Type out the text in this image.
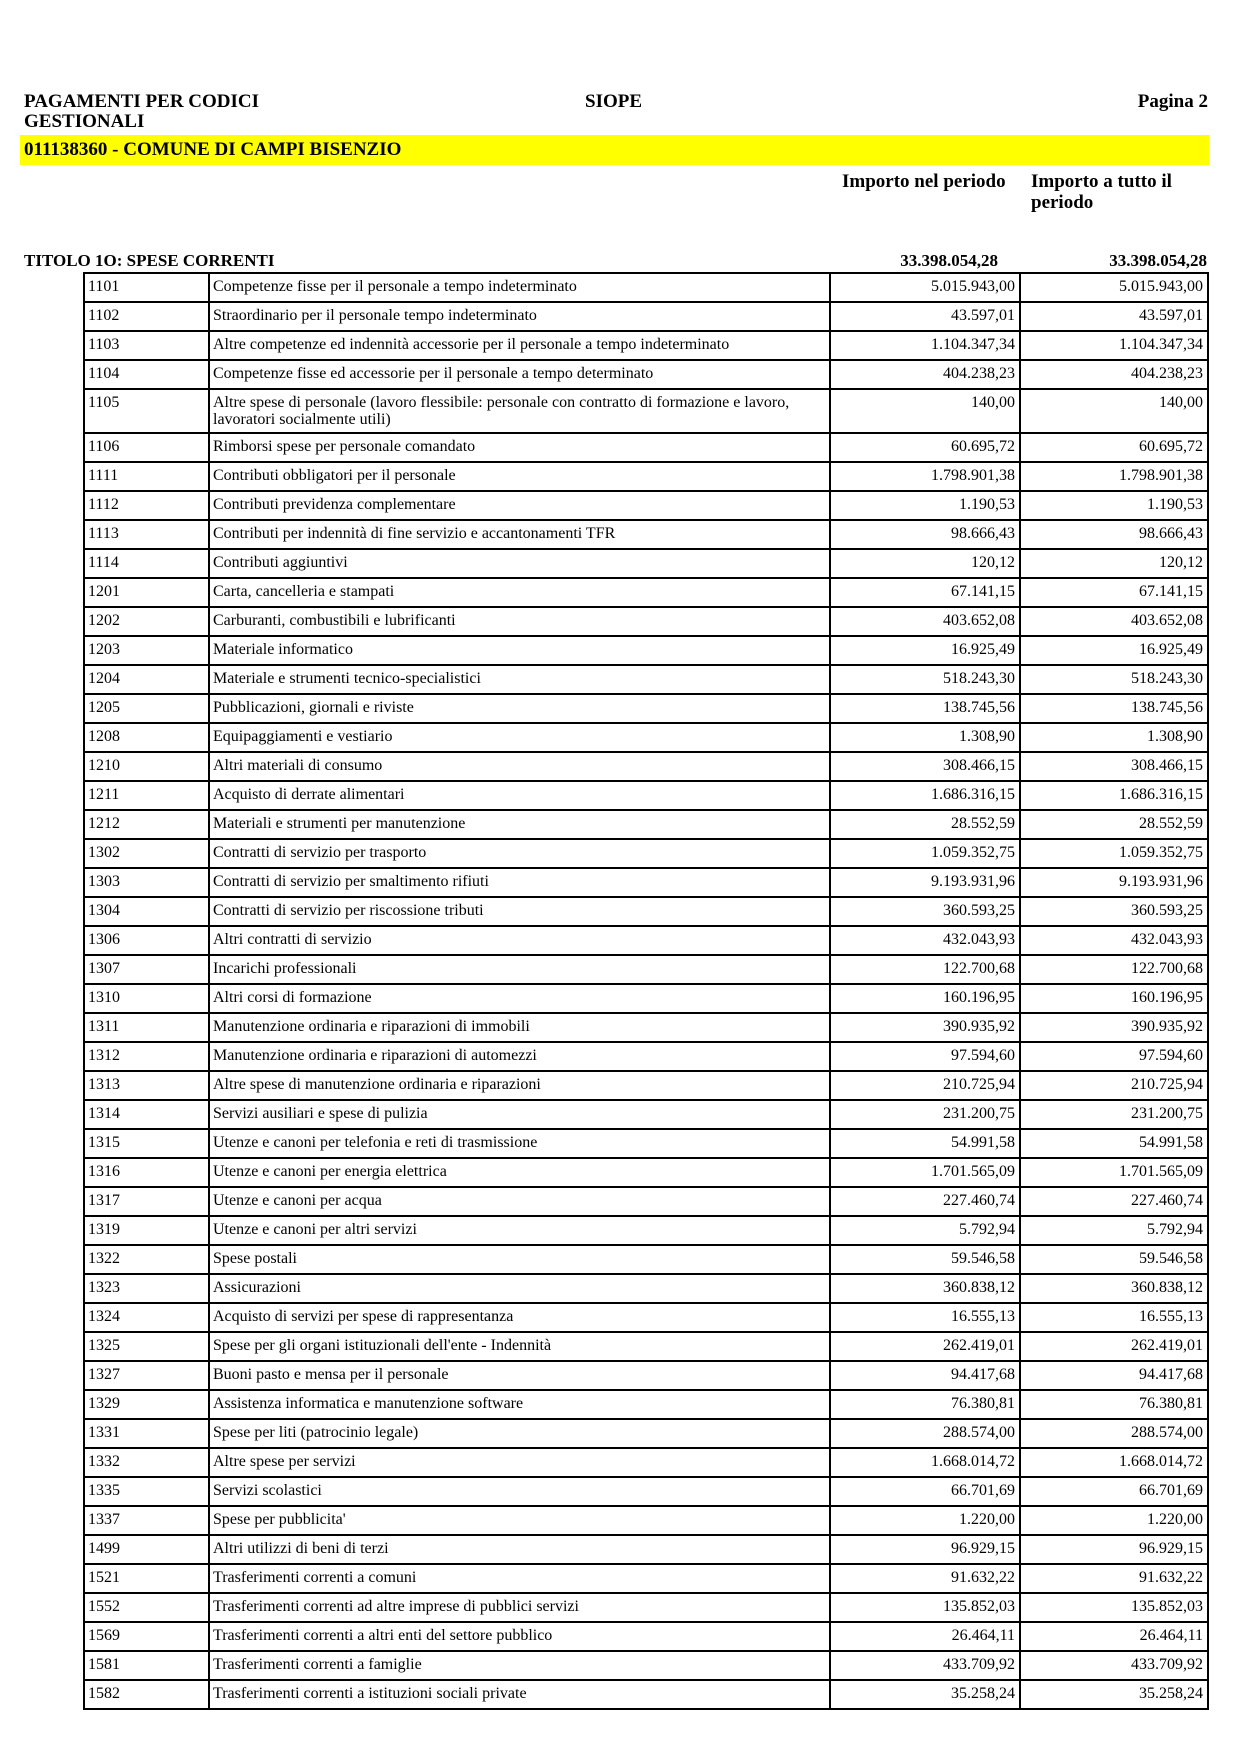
PAGAMENTI PER CODICI GESTIONALI
SIOPE	Pagina 2
011138360 - COMUNE DI CAMPI BISENZIO
Importo nel periodo	Importo a tutto il periodo
TITOLO 1O: SPESE CORRENTI	33.398.054,28	33.398.054,28
1101	Competenze fisse per il personale a tempo indeterminato	5.015.943,00	5.015.943,00
1102	Straordinario per il personale tempo indeterminato	43.597,01	43.597,01
1103	Altre competenze ed indennità accessorie per il personale a tempo indeterminato	1.104.347,34	1.104.347,34
1104	Competenze fisse ed accessorie per il personale a tempo determinato	404.238,23	404.238,23
1105	Altre spese di personale (lavoro flessibile: personale con contratto di formazione e lavoro, lavoratori socialmente utili)	140,00	140,00
1106	Rimborsi spese per personale comandato	60.695,72	60.695,72
1111	Contributi obbligatori per il personale	1.798.901,38	1.798.901,38
1112	Contributi previdenza complementare	1.190,53	1.190,53
1113	Contributi per indennità di fine servizio e accantonamenti TFR	98.666,43	98.666,43
1114	Contributi aggiuntivi	120,12	120,12
1201	Carta, cancelleria e stampati	67.141,15	67.141,15
1202	Carburanti, combustibili e lubrificanti	403.652,08	403.652,08
1203	Materiale informatico	16.925,49	16.925,49
1204	Materiale e strumenti tecnico-specialistici	518.243,30	518.243,30
1205	Pubblicazioni, giornali e riviste	138.745,56	138.745,56
1208	Equipaggiamenti e vestiario	1.308,90	1.308,90
1210	Altri materiali di consumo	308.466,15	308.466,15
1211	Acquisto di derrate alimentari	1.686.316,15	1.686.316,15
1212	Materiali e strumenti per manutenzione	28.552,59	28.552,59
1302	Contratti di servizio per trasporto	1.059.352,75	1.059.352,75
1303	Contratti di servizio per smaltimento rifiuti	9.193.931,96	9.193.931,96
1304	Contratti di servizio per riscossione tributi	360.593,25	360.593,25
1306	Altri contratti di servizio	432.043,93	432.043,93
1307	Incarichi professionali	122.700,68	122.700,68
1310	Altri corsi di formazione	160.196,95	160.196,95
1311	Manutenzione ordinaria e riparazioni di immobili	390.935,92	390.935,92
1312	Manutenzione ordinaria e riparazioni di automezzi	97.594,60	97.594,60
1313	Altre spese di manutenzione ordinaria e riparazioni	210.725,94	210.725,94
1314	Servizi ausiliari e spese di pulizia	231.200,75	231.200,75
1315	Utenze e canoni per telefonia e reti di trasmissione	54.991,58	54.991,58
1316	Utenze e canoni per energia elettrica	1.701.565,09	1.701.565,09
1317	Utenze e canoni per acqua	227.460,74	227.460,74
1319	Utenze e canoni per altri servizi	5.792,94	5.792,94
1322	Spese postali	59.546,58	59.546,58
1323	Assicurazioni	360.838,12	360.838,12
1324	Acquisto di servizi per spese di rappresentanza	16.555,13	16.555,13
1325	Spese per gli organi istituzionali dell'ente - Indennità	262.419,01	262.419,01
1327	Buoni pasto e mensa per il personale	94.417,68	94.417,68
1329	Assistenza informatica e manutenzione software	76.380,81	76.380,81
1331	Spese per liti (patrocinio legale)	288.574,00	288.574,00
1332	Altre spese per servizi	1.668.014,72	1.668.014,72
1335	Servizi scolastici	66.701,69	66.701,69
1337	Spese per pubblicita'	1.220,00	1.220,00
1499	Altri utilizzi di beni di terzi	96.929,15	96.929,15
1521	Trasferimenti correnti a comuni	91.632,22	91.632,22
1552	Trasferimenti correnti ad altre imprese di pubblici servizi	135.852,03	135.852,03
1569	Trasferimenti correnti a altri enti del settore pubblico	26.464,11	26.464,11
1581	Trasferimenti correnti a famiglie	433.709,92	433.709,92
1582	Trasferimenti correnti a istituzioni sociali private	35.258,24	35.258,24
